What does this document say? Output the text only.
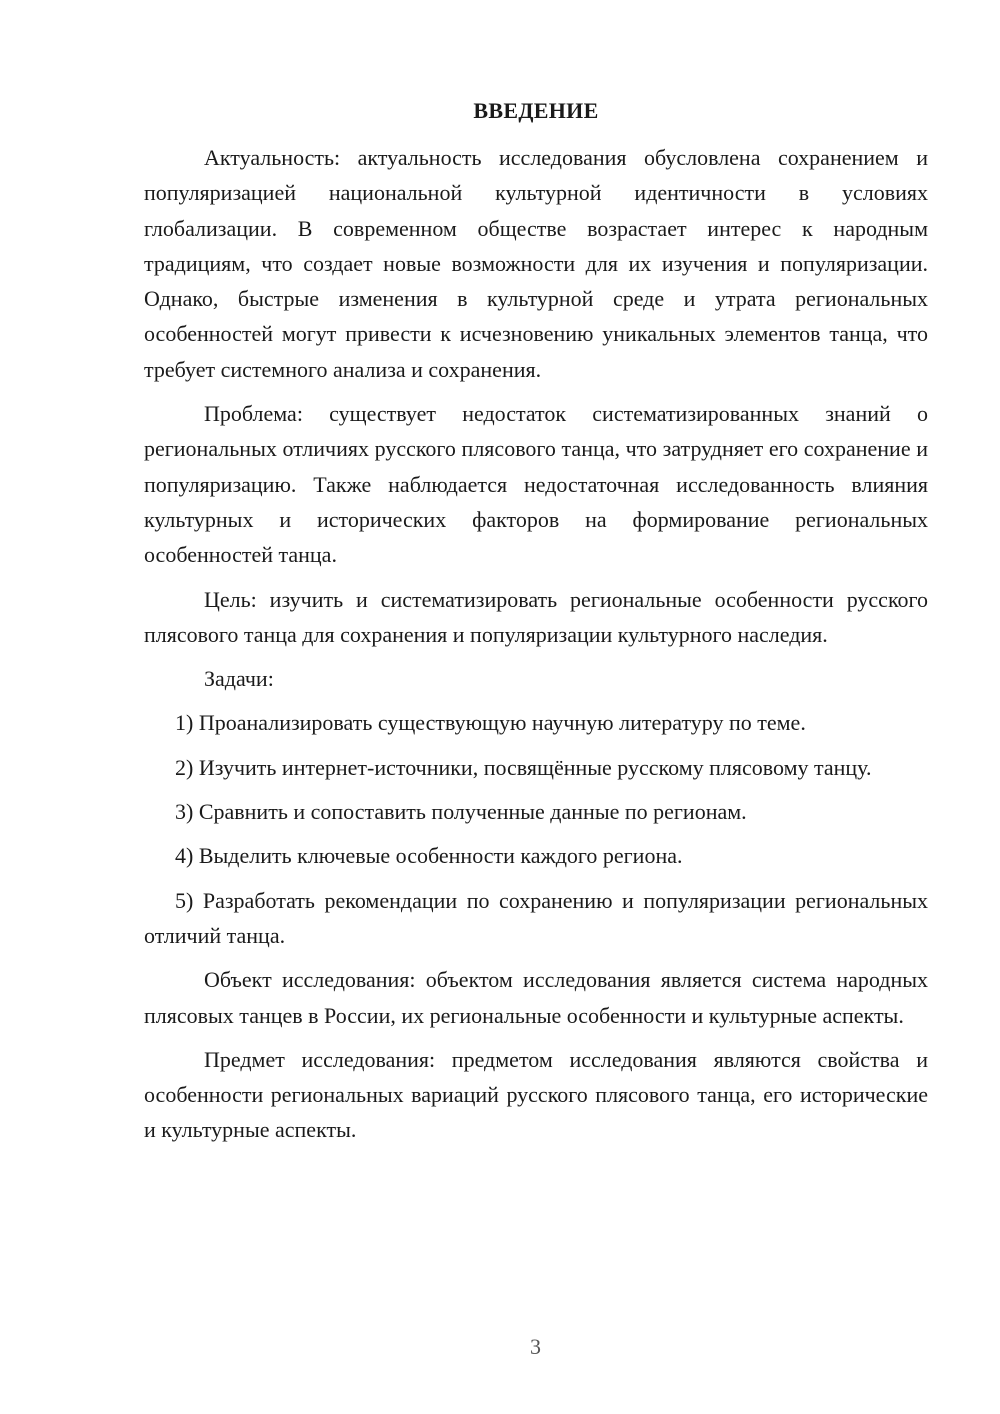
ВВЕДЕНИЕ

Актуальность: актуальность исследования обусловлена сохранением и популяризацией национальной культурной идентичности в условиях глобализации. В современном обществе возрастает интерес к народным традициям, что создает новые возможности для их изучения и популяризации. Однако, быстрые изменения в культурной среде и утрата региональных особенностей могут привести к исчезновению уникальных элементов танца, что требует системного анализа и сохранения.

Проблема: существует недостаток систематизированных знаний о региональных отличиях русского плясового танца, что затрудняет его сохранение и популяризацию. Также наблюдается недостаточная исследованность влияния культурных и исторических факторов на формирование региональных особенностей танца.

Цель: изучить и систематизировать региональные особенности русского плясового танца для сохранения и популяризации культурного наследия.

Задачи:

1) Проанализировать существующую научную литературу по теме.

2) Изучить интернет-источники, посвящённые русскому плясовому танцу.

3) Сравнить и сопоставить полученные данные по регионам.

4) Выделить ключевые особенности каждого региона.

5) Разработать рекомендации по сохранению и популяризации региональных отличий танца.

Объект исследования: объектом исследования является система народных плясовых танцев в России, их региональные особенности и культурные аспекты.

Предмет исследования: предметом исследования являются свойства и особенности региональных вариаций русского плясового танца, его исторические и культурные аспекты.

3
